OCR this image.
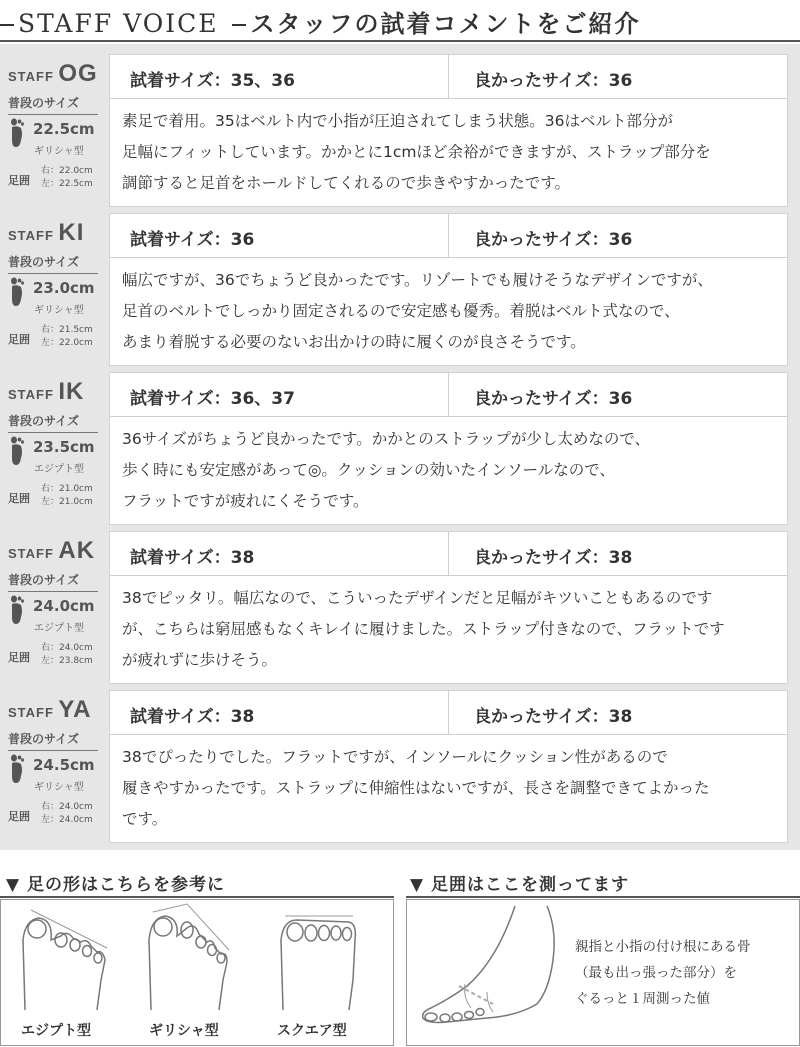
STAFF VOICE スタッフの試着コメントをご紹介
STAFF OG
普段のサイズ
22.5cm
ギリシャ型
足囲
右：22.0cm
左：22.5cm
試着サイズ：35、36	良かったサイズ：36
素足で着用。35はベルト内で小指が圧迫されてしまう状態。36はベルト部分が
足幅にフィットしています。かかとに1cmほど余裕ができますが、ストラップ部分を
調節すると足首をホールドしてくれるので歩きやすかったです。
STAFF KI
普段のサイズ
23.0cm
ギリシャ型
足囲
右：21.5cm
左：22.0cm
試着サイズ：36	良かったサイズ：36
幅広ですが、36でちょうど良かったです。リゾートでも履けそうなデザインですが、
足首のベルトでしっかり固定されるので安定感も優秀。着脱はベルト式なので、
あまり着脱する必要のないお出かけの時に履くのが良さそうです。
STAFF IK
普段のサイズ
23.5cm
エジプト型
足囲
右：21.0cm
左：21.0cm
試着サイズ：36、37	良かったサイズ：36
36サイズがちょうど良かったです。かかとのストラップが少し太めなので、
歩く時にも安定感があって◎。クッションの効いたインソールなので、
フラットですが疲れにくそうです。
STAFF AK
普段のサイズ
24.0cm
エジプト型
足囲
右：24.0cm
左：23.8cm
試着サイズ：38	良かったサイズ：38
38でピッタリ。幅広なので、こういったデザインだと足幅がキツいこともあるのです
が、こちらは窮屈感もなくキレイに履けました。ストラップ付きなので、フラットです
が疲れずに歩けそう。
STAFF YA
普段のサイズ
24.5cm
ギリシャ型
足囲
右：24.0cm
左：24.0cm
試着サイズ：38	良かったサイズ：38
38でぴったりでした。フラットですが、インソールにクッション性があるので
履きやすかったです。ストラップに伸縮性はないですが、長さを調整できてよかった
です。
▼ 足の形はこちらを参考に
エジプト型	ギリシャ型	スクエア型
▼ 足囲はここを測ってます
親指と小指の付け根にある骨
（最も出っ張った部分）を
ぐるっと１周測った値
